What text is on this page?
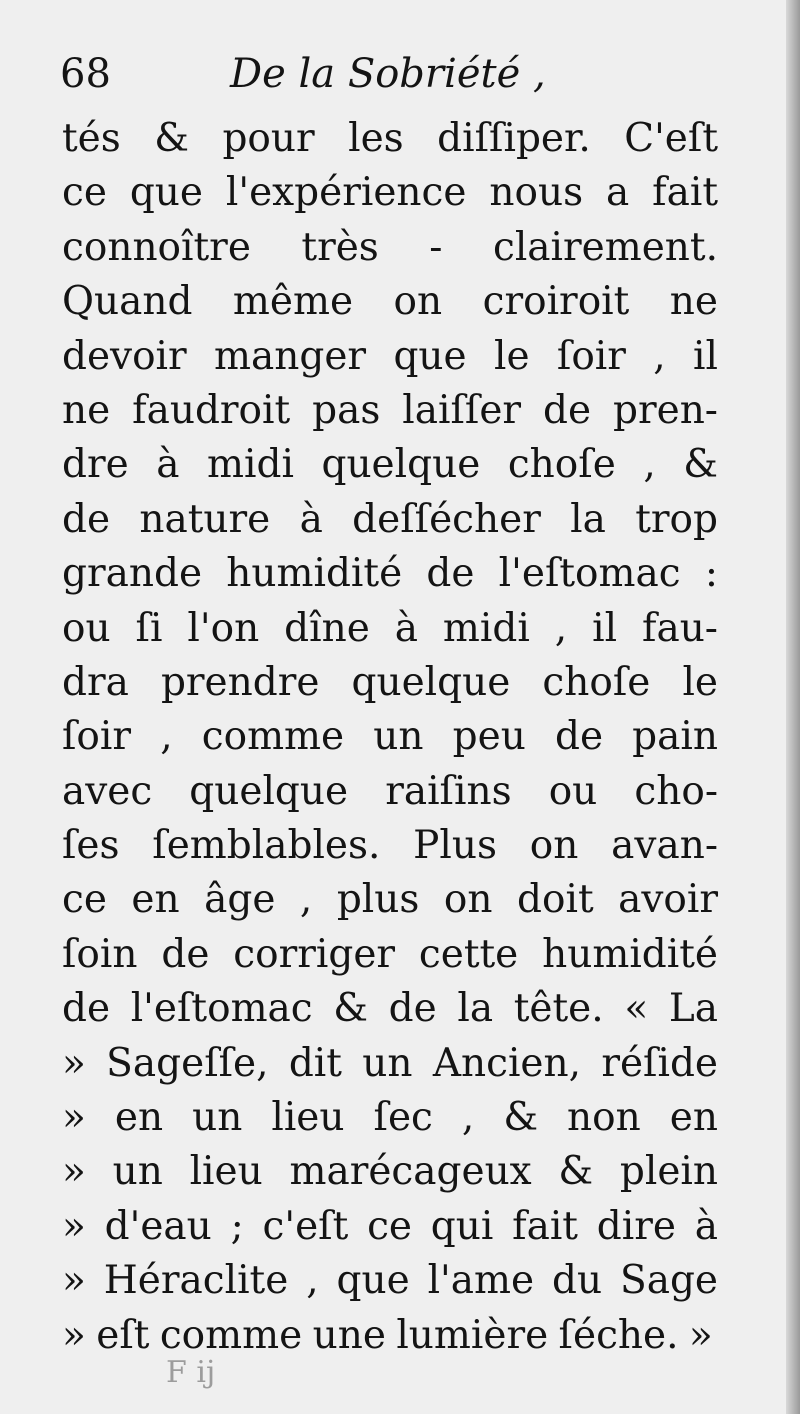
68	De la Sobriété ,
tés & pour les diſſiper. C'eſt
ce que l'expérience nous a fait
connoître très - clairement.
Quand même on croiroit ne
devoir manger que le ſoir , il
ne faudroit pas laiſſer de pren-
dre à midi quelque choſe , &
de nature à deſſécher la trop
grande humidité de l'eſtomac :
ou ſi l'on dîne à midi , il fau-
dra prendre quelque choſe le
ſoir , comme un peu de pain
avec quelque raiſins ou cho-
ſes ſemblables. Plus on avan-
ce en âge , plus on doit avoir
ſoin de corriger cette humidité
de l'eſtomac & de la tête. « La
» Sageſſe, dit un Ancien, réſide
» en un lieu ſec , & non en
» un lieu marécageux & plein
» d'eau ; c'eſt ce qui fait dire à
» Héraclite , que l'ame du Sage
» eſt comme une lumière ſéche. »
F ij
